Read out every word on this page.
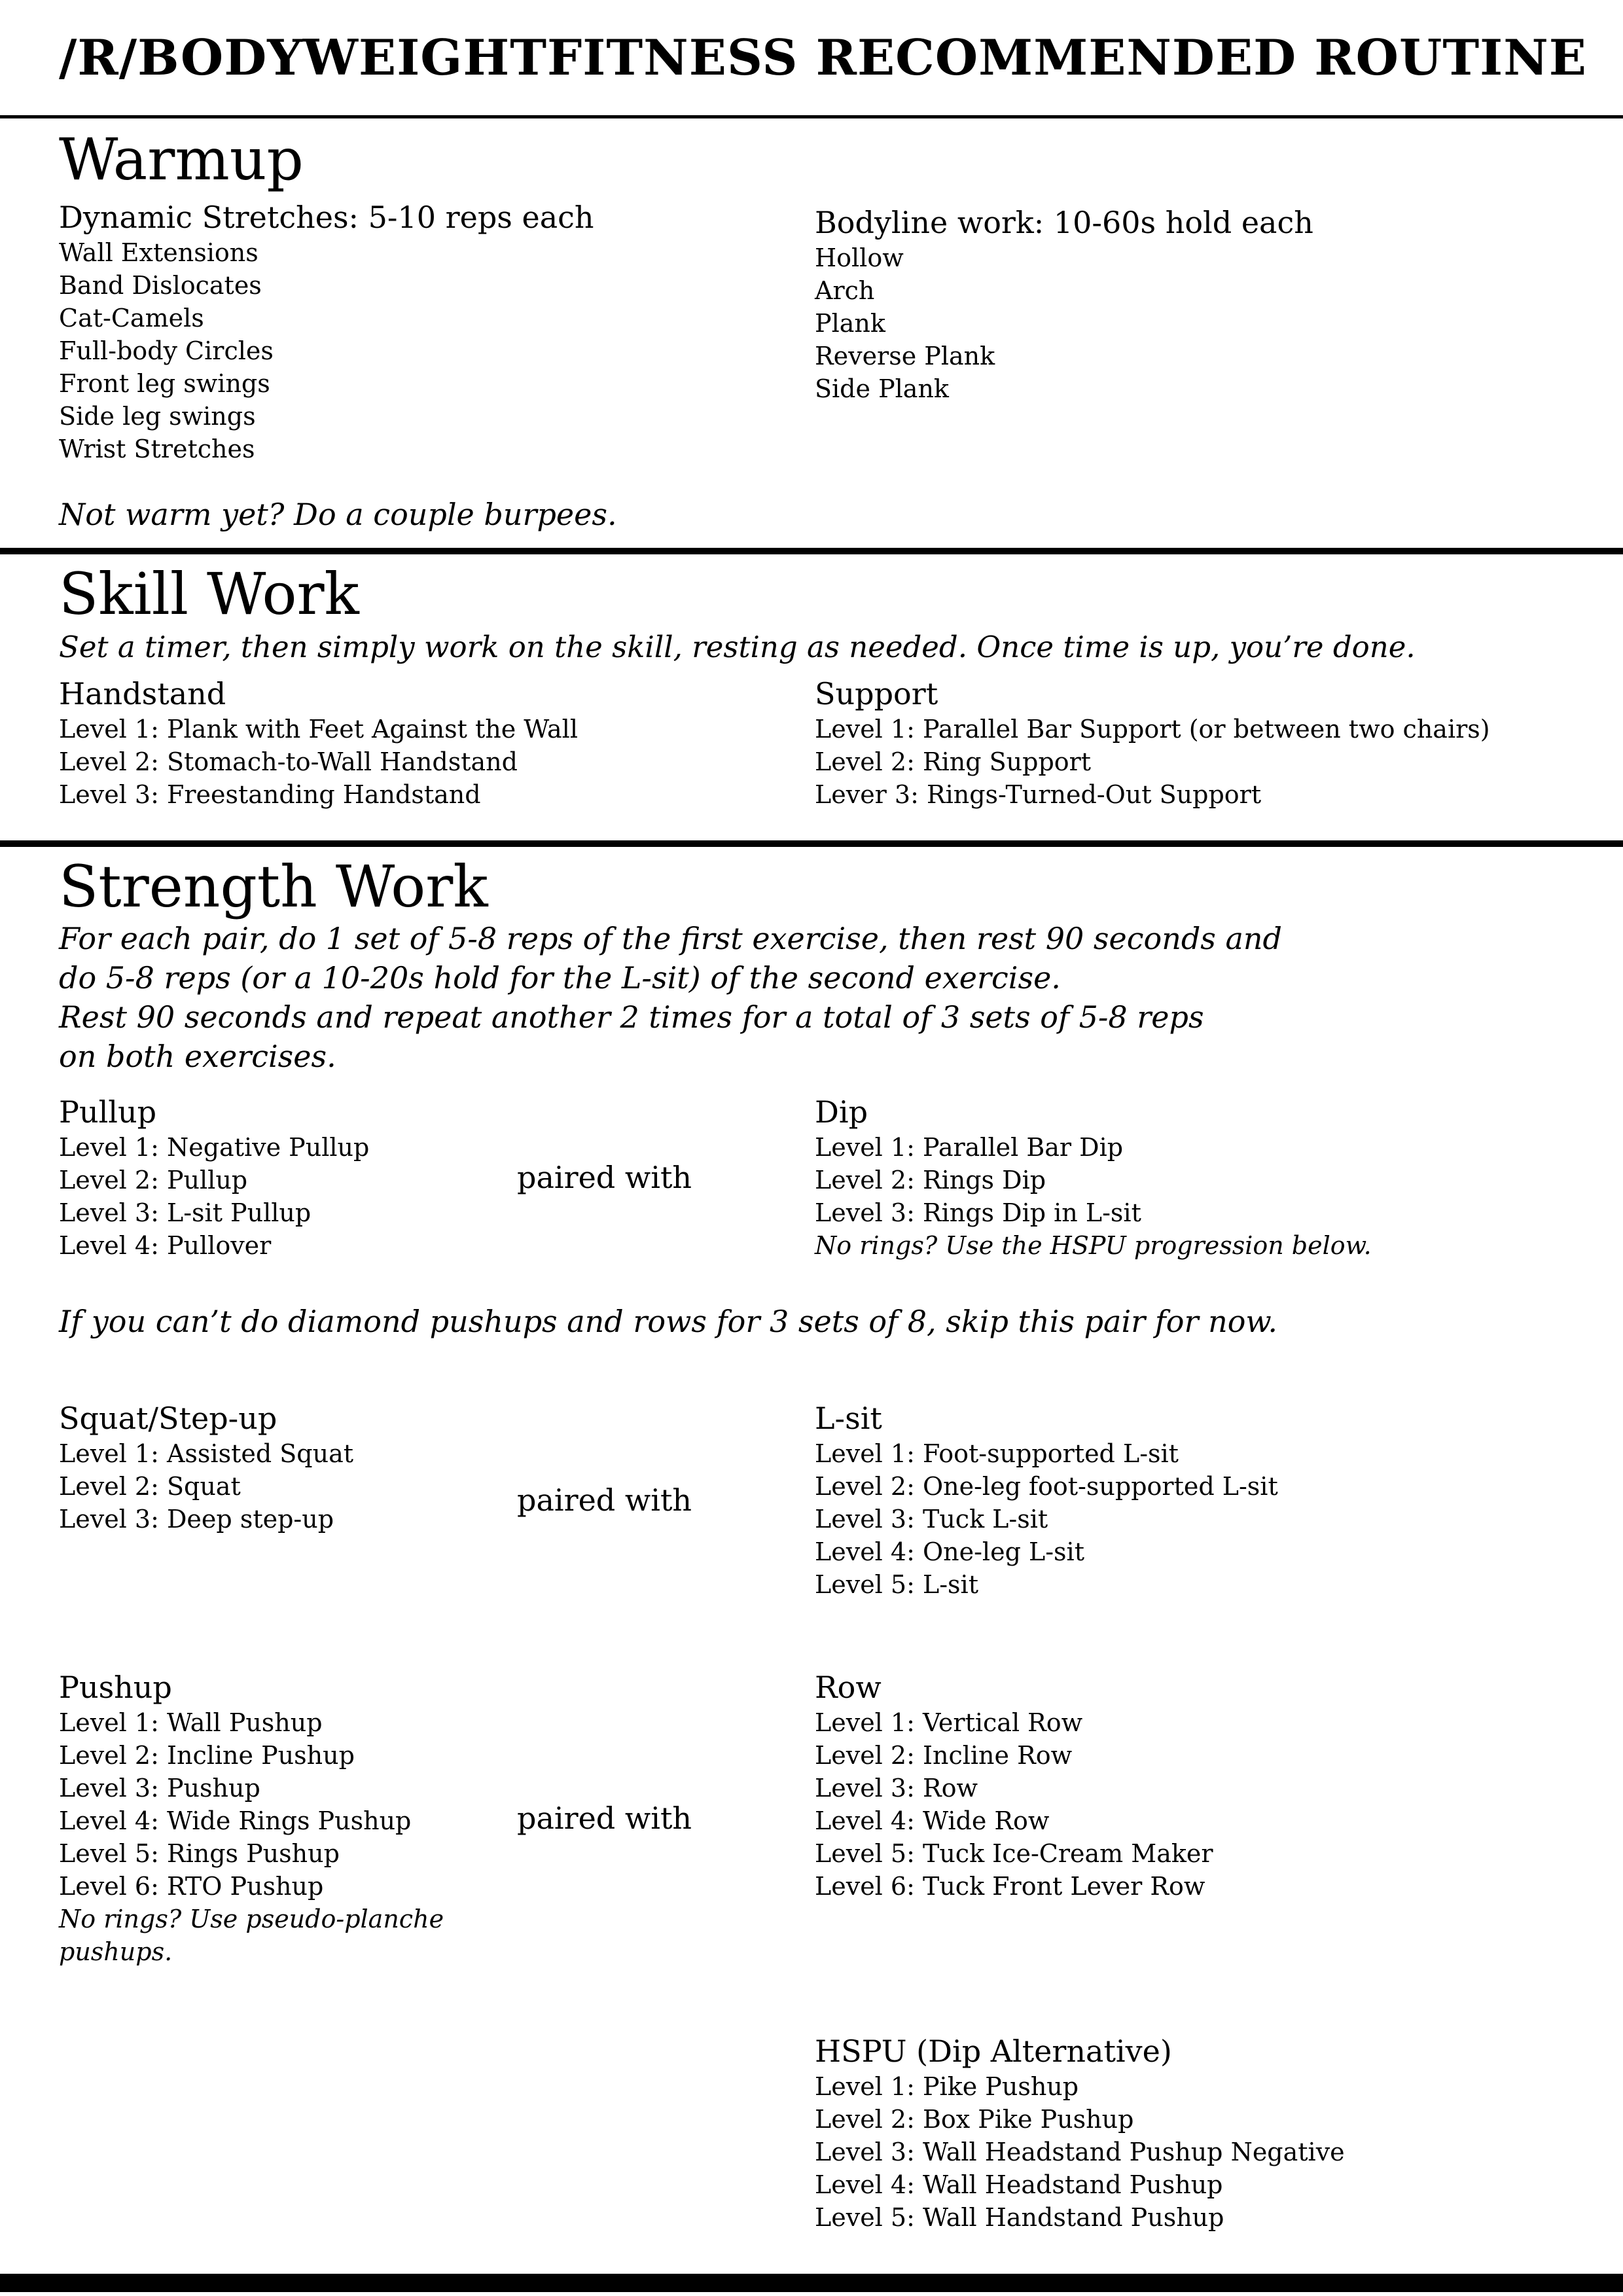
/R/BODYWEIGHTFITNESS RECOMMENDED ROUTINE
Warmup
Dynamic Stretches: 5-10 reps each
Wall Extensions
Band Dislocates
Cat-Camels
Full-body Circles
Front leg swings
Side leg swings
Wrist Stretches
Bodyline work: 10-60s hold each
Hollow
Arch
Plank
Reverse Plank
Side Plank
Not warm yet? Do a couple burpees.
Skill Work
Set a timer, then simply work on the skill, resting as needed. Once time is up, you’re done.
Handstand
Level 1: Plank with Feet Against the Wall
Level 2: Stomach-to-Wall Handstand
Level 3: Freestanding Handstand
Support
Level 1: Parallel Bar Support (or between two chairs)
Level 2: Ring Support
Lever 3: Rings-Turned-Out Support
Strength Work
For each pair, do 1 set of 5-8 reps of the first exercise, then rest 90 seconds and
do 5-8 reps (or a 10-20s hold for the L-sit) of the second exercise.
Rest 90 seconds and repeat another 2 times for a total of 3 sets of 5-8 reps
on both exercises.
Pullup
Level 1: Negative Pullup
Level 2: Pullup
Level 3: L-sit Pullup
Level 4: Pullover
paired with
Dip
Level 1: Parallel Bar Dip
Level 2: Rings Dip
Level 3: Rings Dip in L-sit
No rings? Use the HSPU progression below.
If you can’t do diamond pushups and rows for 3 sets of 8, skip this pair for now.
Squat/Step-up
Level 1: Assisted Squat
Level 2: Squat
Level 3: Deep step-up
paired with
L-sit
Level 1: Foot-supported L-sit
Level 2: One-leg foot-supported L-sit
Level 3: Tuck L-sit
Level 4: One-leg L-sit
Level 5: L-sit
Pushup
Level 1: Wall Pushup
Level 2: Incline Pushup
Level 3: Pushup
Level 4: Wide Rings Pushup
Level 5: Rings Pushup
Level 6: RTO Pushup
No rings? Use pseudo-planche pushups.
paired with
Row
Level 1: Vertical Row
Level 2: Incline Row
Level 3: Row
Level 4: Wide Row
Level 5: Tuck Ice-Cream Maker
Level 6: Tuck Front Lever Row
HSPU (Dip Alternative)
Level 1: Pike Pushup
Level 2: Box Pike Pushup
Level 3: Wall Headstand Pushup Negative
Level 4: Wall Headstand Pushup
Level 5: Wall Handstand Pushup
